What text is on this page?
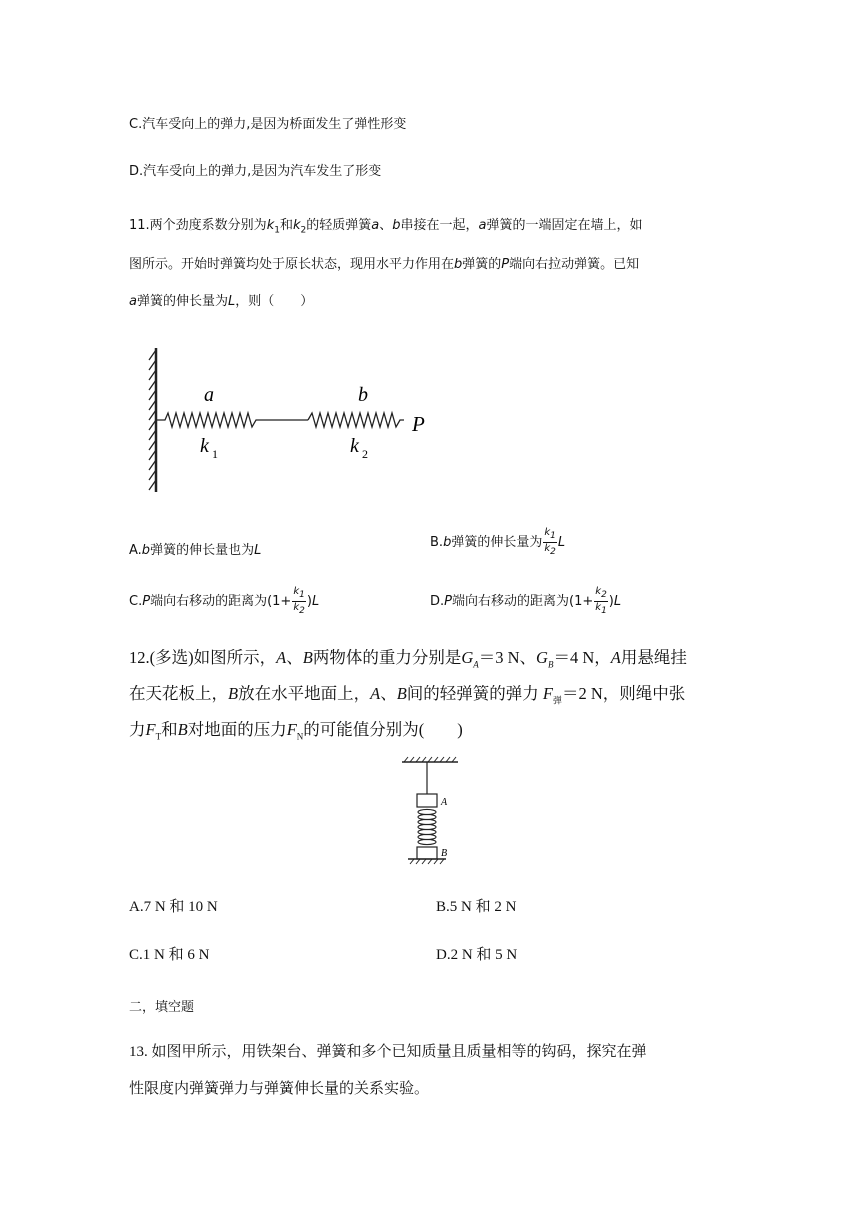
C.汽车受向上的弹力,是因为桥面发生了弹性形变
D.汽车受向上的弹力,是因为汽车发生了形变
11.两个劲度系数分别为$k_1$和$k_2$的轻质弹簧a、b串接在一起，a弹簧的一端固定在墙上，如
图所示。开始时弹簧均处于原长状态，现用水平力作用在b弹簧的P端向右拉动弹簧。已知
a弹簧的伸长量为L，则（　　）
a
k 1
b
k 2
P
A.b弹簧的伸长量也为L
B.b弹簧的伸长量为 $\frac{k_1}{k_2}$ L
C.P端向右移动的距离为$(1+ \frac{k_1}{k_2} )L$	D.P端向右移动的距离为$(1+ \frac{k_2}{k_1} )L$
12.(多选)如图所示，A、B两物体的重力分别是$G_A=3$ N、$G_B=4$ N，A用悬绳挂
在天花板上，B放在水平地面上，A、B间的轻弹簧的弹力 $F_弹=2$ N，则绳中张
力$F_T$和B对地面的压力$F_N$的可能值分别为(　　)
A
B
A.7 N 和 10 N	B.5 N 和 2 N
C.1 N 和 6 N	D.2 N 和 5 N
二，填空题
13. 如图甲所示，用铁架台、弹簧和多个已知质量且质量相等的钩码，探究在弹
性限度内弹簧弹力与弹簧伸长量的关系实验。
